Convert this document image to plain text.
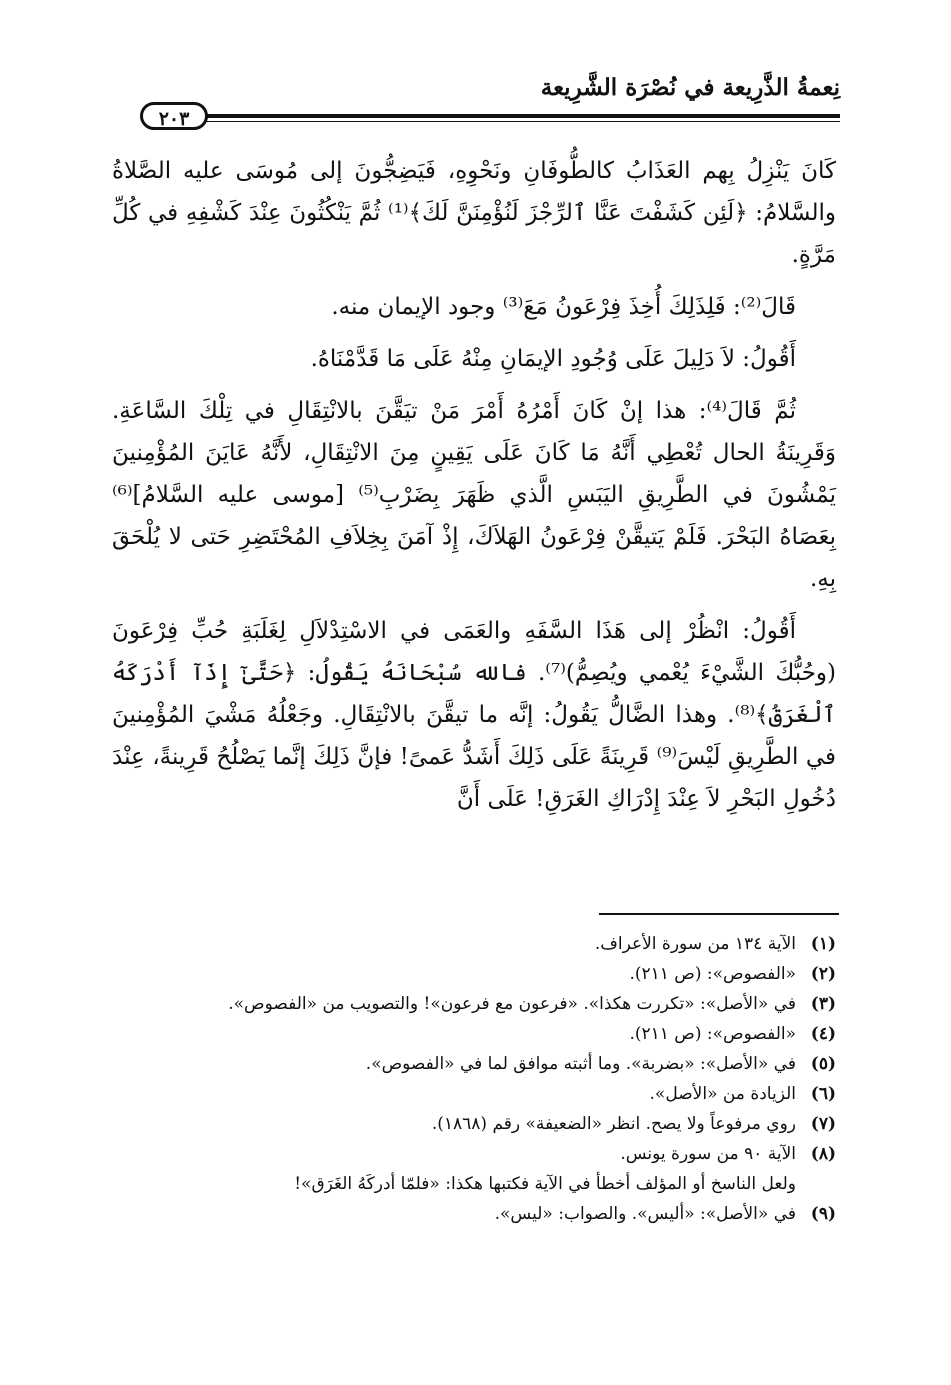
نِعمةُ الذَّرِيعة في نُصْرَة الشَّرِيعة
٢٠٣

كَانَ يَنْزِلُ بِهم العَذَابُ كالطُّوفَانِ ونَحْوِهِ، فَيَضِجُّونَ إلى مُوسَى عليه الصَّلاةُ والسَّلامُ: ﴿لَئِن كَشَفْتَ عَنَّا ٱلرِّجْزَ لَنُؤْمِنَنَّ لَكَ﴾⁽¹⁾ ثُمَّ يَنْكُثُونَ عِنْدَ كَشْفِهِ في كُلِّ مَرَّةٍ.

قَالَ⁽²⁾: فَلِذَلِكَ أُخِذَ فِرْعَونُ مَعَ⁽³⁾ وجود الإيمان منه.

أَقُولُ: لاَ دَلِيلَ عَلَى وُجُودِ الإيمَانِ مِنْهُ عَلَى مَا قَدَّمْنَاهُ.

ثُمَّ قَالَ⁽⁴⁾: هذا إنْ كَانَ أَمْرُهُ أَمْرَ مَنْ تيَقَّنَ بالانْتِقَالِ في تِلْكَ السَّاعَةِ. وَقَرِينَةُ الحال تُعْطِي أَنَّهُ مَا كَانَ عَلَى يَقِينٍ مِنَ الانْتِقَالِ، لأَنَّهُ عَايَنَ المُؤْمِنينَ يَمْشُونَ في الطَّرِيقِ اليَبَسِ الَّذي ظَهَرَ بِضَرْبِ⁽⁵⁾ [موسى عليه السَّلامُ]⁽⁶⁾ بِعَصَاهُ البَحْرَ. فَلَمْ يَتيقَّنْ فِرْعَونُ الهَلاَكَ، إِذْ آمَنَ بِخِلاَفِ المُحْتَضِرِ حَتى لا يُلْحَقَ بِهِ.

أَقُولُ: انْظُرْ إلى هَذَا السَّفَهِ والعَمَى في الاسْتِدْلاَلِ لِغَلَبَةِ حُبِّ فِرْعَونَ (وحُبُّكَ الشَّيْءَ يُعْمي ويُصِمُّ)⁽⁷⁾. فالله سُبْحَانَهُ يَقُولُ: ﴿حَتَّىٰٓ إِذَآ أَدْرَكَهُ ٱلْغَرَقُ﴾⁽⁸⁾. وهذا الضَّالُّ يَقُولُ: إنَّه ما تيقَّنَ بالانْتِقَالِ. وجَعْلُهُ مَشْيَ المُؤْمِنينَ في الطَّرِيقِ لَيْسَ⁽⁹⁾ قَرِينَةً عَلَى ذَلِكَ أَشَدُّ عَمىً! فإنَّ ذَلِكَ إنَّما يَصْلُحُ قَرِينةً، عِنْدَ دُخُولِ البَحْرِ لاَ عِنْدَ إِدْرَاكِ الغَرَقِ! عَلَى أَنَّ

(١)
الآية ١٣٤ من سورة الأعراف.
(٢)
«الفصوص»: (ص ٢١١).
(٣)
في «الأصل»: «تكررت هكذا». «فرعون مع فرعون»! والتصويب من «الفصوص».
(٤)
«الفصوص»: (ص ٢١١).
(٥)
في «الأصل»: «بضربة». وما أثبته موافق لما في «الفصوص».
(٦)
الزيادة من «الأصل».
(٧)
روي مرفوعاً ولا يصح. انظر «الضعيفة» رقم (١٨٦٨).
(٨)
الآية ٩٠ من سورة يونس.
ولعل الناسخ أو المؤلف أخطأ في الآية فكتبها هكذا: «فلمّا أدركَهُ الغَرَق»!
(٩)
في «الأصل»: «أليس». والصواب: «ليس».
